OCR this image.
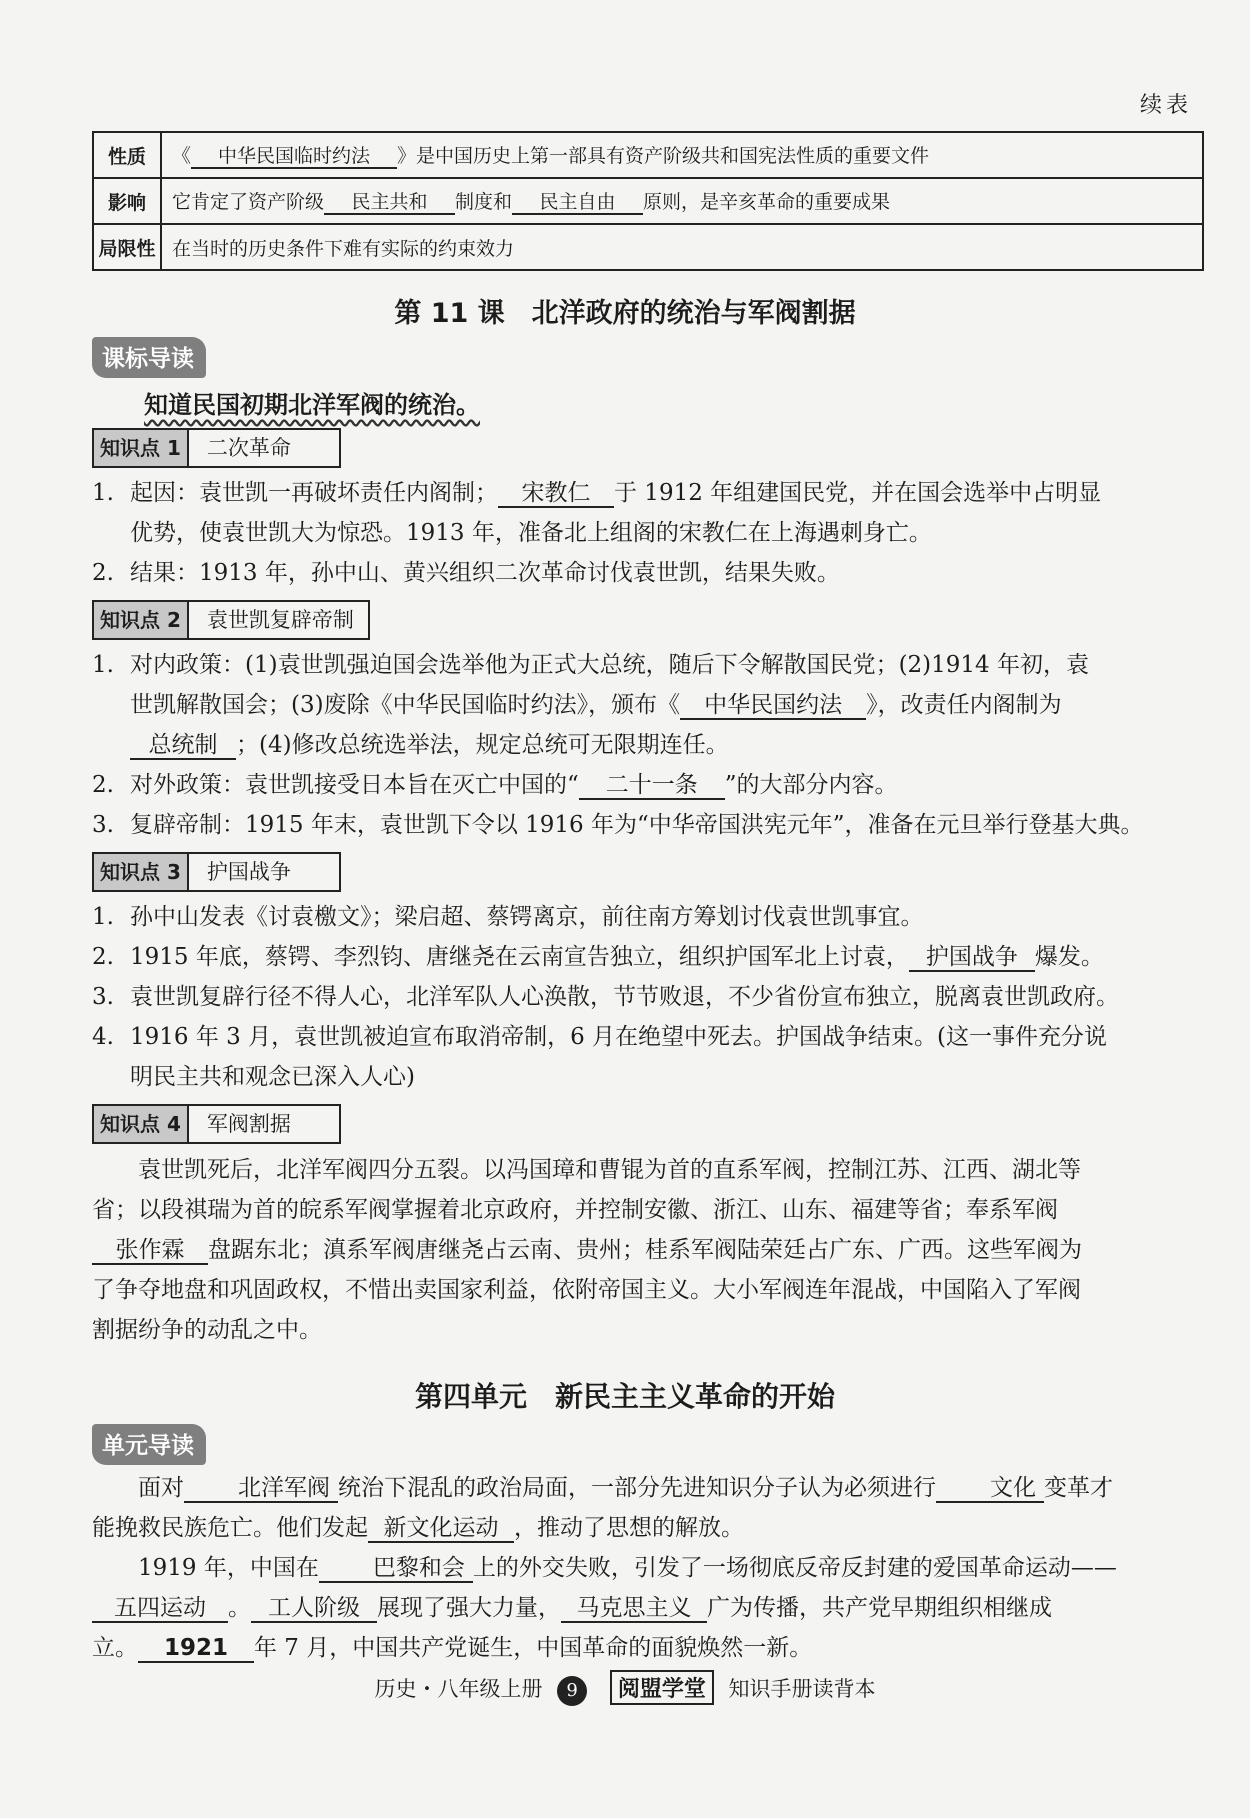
续表
性质	《 中华民国临时约法 》是中国历史上第一部具有资产阶级共和国宪法性质的重要文件
影响	它肯定了资产阶级 民主共和 制度和 民主自由 原则，是辛亥革命的重要成果
局限性	在当时的历史条件下难有实际的约束效力
第 11 课　北洋政府的统治与军阀割据
课标导读
知道民国初期北洋军阀的统治。
知识点 1	二次革命
1. 起因：袁世凯一再破坏责任内阁制； 宋教仁 于 1912 年组建国民党，并在国会选举中占明显
优势，使袁世凯大为惊恐。1913 年，准备北上组阁的宋教仁在上海遇刺身亡。
2. 结果：1913 年，孙中山、黄兴组织二次革命讨伐袁世凯，结果失败。
知识点 2	袁世凯复辟帝制
1. 对内政策：(1)袁世凯强迫国会选举他为正式大总统，随后下令解散国民党；(2)1914 年初，袁
世凯解散国会；(3)废除《中华民国临时约法》，颁布《 中华民国约法 》，改责任内阁制为
总统制 ；(4)修改总统选举法，规定总统可无限期连任。
2. 对外政策：袁世凯接受日本旨在灭亡中国的“ 二十一条 ”的大部分内容。
3. 复辟帝制：1915 年末，袁世凯下令以 1916 年为“中华帝国洪宪元年”，准备在元旦举行登基大典。
知识点 3	护国战争
1. 孙中山发表《讨袁檄文》；梁启超、蔡锷离京，前往南方筹划讨伐袁世凯事宜。
2. 1915 年底，蔡锷、李烈钧、唐继尧在云南宣告独立，组织护国军北上讨袁， 护国战争 爆发。
3. 袁世凯复辟行径不得人心，北洋军队人心涣散，节节败退，不少省份宣布独立，脱离袁世凯政府。
4. 1916 年 3 月，袁世凯被迫宣布取消帝制，6 月在绝望中死去。护国战争结束。(这一事件充分说
明民主共和观念已深入人心)
知识点 4	军阀割据
袁世凯死后，北洋军阀四分五裂。以冯国璋和曹锟为首的直系军阀，控制江苏、江西、湖北等
省；以段祺瑞为首的皖系军阀掌握着北京政府，并控制安徽、浙江、山东、福建等省；奉系军阀
张作霖 盘踞东北；滇系军阀唐继尧占云南、贵州；桂系军阀陆荣廷占广东、广西。这些军阀为
了争夺地盘和巩固政权，不惜出卖国家利益，依附帝国主义。大小军阀连年混战，中国陷入了军阀
割据纷争的动乱之中。
第四单元　新民主主义革命的开始
单元导读
面对 北洋军阀 统治下混乱的政治局面，一部分先进知识分子认为必须进行 文化 变革才
能挽救民族危亡。他们发起 新文化运动 ，推动了思想的解放。
1919 年，中国在 巴黎和会 上的外交失败，引发了一场彻底反帝反封建的爱国革命运动——
五四运动 。 工人阶级 展现了强大力量， 马克思主义 广为传播，共产党早期组织相继成
立。 1921 年 7 月，中国共产党诞生，中国革命的面貌焕然一新。
历史・八年级上册 9 阅盟学堂 知识手册读背本
